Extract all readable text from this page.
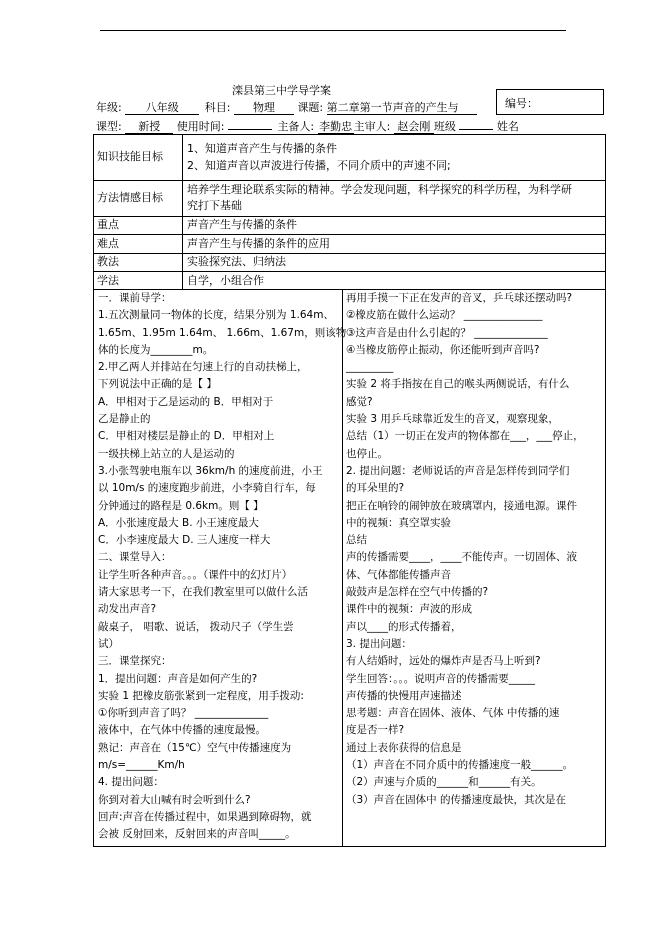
滦县第三中学导学案
编号：
年级: 八年级 科目: 物理 课题: 第二章第一节声音的产生与
课型: 新授 使用时间:	主备人: 李勤忠 主审人: 赵会刚 班级	姓名
知识技能目标
1、知道声音产生与传播的条件
2、知道声音以声波进行传播，不同介质中的声速不同;
方法情感目标
培养学生理论联系实际的精神。学会发现问题，科学探究的科学历程，为科学研
究打下基础
重点	声音产生与传播的条件
难点	声音产生与传播的条件的应用
教法	实验探究法、归纳法
学法	自学，小组合作
一．课前导学：
1.五次测量同一物体的长度，结果分别为 1.64m、
1.65m、1.95m 1.64m、 1.66m、1.67m，则该物
体的长度为________m。
2.甲乙两人并排站在匀速上行的自动扶梯上，
下列说法中正确的是【 】
A．甲相对于乙是运动的 B．甲相对于
乙是静止的
C．甲相对楼层是静止的 D．甲相对上
一级扶梯上站立的人是运动的
3.小张驾驶电瓶车以 36km/h 的速度前进，小王
以 10m/s 的速度跑步前进，小李骑自行车，每
分钟通过的路程是 0.6km。则【 】
A．小张速度最大 B. 小王速度最大
C．小李速度最大 D. 三人速度一样大
二、课堂导入：
让学生听各种声音。。。（课件中的幻灯片）
请大家思考一下，在我们教室里可以做什么活
动发出声音?
敲桌子， 唱歌、说话， 拨动尺子（学生尝
试）
三．课堂探究：
1．提出问题：声音是如何产生的?
实验 1 把橡皮筋张紧到一定程度，用手拨动:
①你听到声音了吗？ ______________
液体中，在气体中传播的速度最慢。
熟记：声音在（15℃）空气中传播速度为
m/s=______Km/h
4. 提出问题：
你到对着大山喊有时会听到什么?
回声:声音在传播过程中，如果遇到障碍物，就
会被 反射回来，反射回来的声音叫_____。
再用手摸一下正在发声的音叉，乒乓球还摆动吗?
②橡皮筋在做什么运动？ _______________
③这声音是由什么引起的？ ______________
④当橡皮筋停止振动，你还能听到声音吗?
_________
实验 2 将手指按在自己的喉头两侧说话，有什么
感觉?
实验 3 用乒乓球靠近发生的音叉，观察现象，
总结（1）一切正在发声的物体都在___，___停止，
也停止。
2. 提出问题：老师说话的声音是怎样传到同学们
的耳朵里的?
把正在响铃的闹钟放在玻璃罩内，接通电源。课件
中的视频：真空罩实验
总结
声的传播需要____，____不能传声。一切固体、液
体、气体都能传播声音
敲鼓声是怎样在空气中传播的?
课件中的视频：声波的形成
声以____的形式传播着，
3. 提出问题：
有人结婚时，远处的爆炸声是否马上听到?
学生回答：。。。说明声音的传播需要_____
声传播的快慢用声速描述
思考题：声音在固体、液体、气体 中传播的速
度是否一样?
通过上表你获得的信息是
（1）声音在不同介质中的传播速度一般______。
（2）声速与介质的______和______有关。
（3）声音在固体中 的传播速度最快，其次是在
